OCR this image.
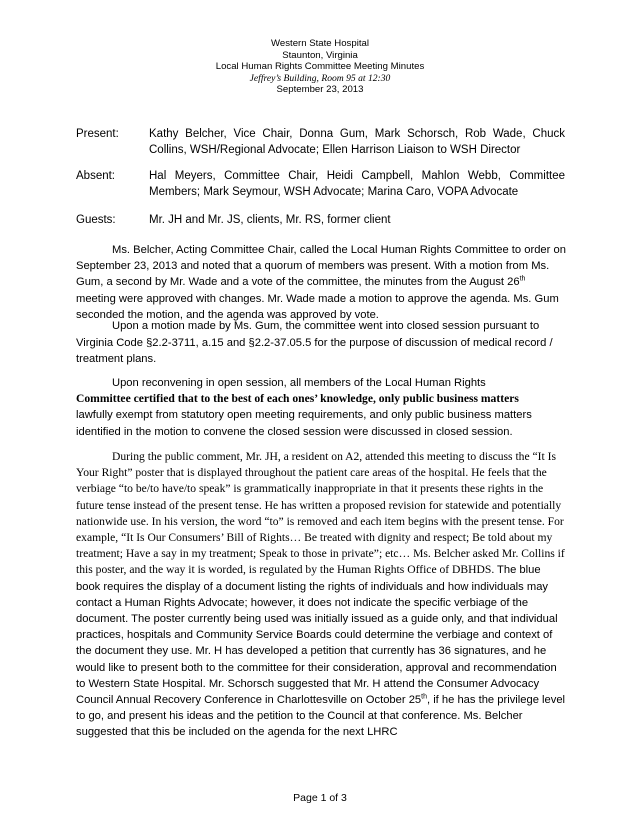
Western State Hospital
Staunton, Virginia
Local Human Rights Committee Meeting Minutes
Jeffrey’s Building, Room 95 at 12:30
September 23, 2013
Present:	Kathy Belcher, Vice Chair, Donna Gum, Mark Schorsch, Rob Wade, Chuck Collins, WSH/Regional Advocate; Ellen Harrison Liaison to WSH Director
Absent:	Hal Meyers, Committee Chair, Heidi Campbell, Mahlon Webb, Committee Members; Mark Seymour, WSH Advocate; Marina Caro, VOPA Advocate
Guests:	Mr. JH and Mr. JS, clients, Mr. RS, former client
Ms. Belcher, Acting Committee Chair, called the Local Human Rights Committee to order on September 23, 2013 and noted that a quorum of members was present. With a motion from Ms. Gum, a second by Mr. Wade and a vote of the committee, the minutes from the August 26th meeting were approved with changes. Mr. Wade made a motion to approve the agenda. Ms. Gum seconded the motion, and the agenda was approved by vote.
Upon a motion made by Ms. Gum, the committee went into closed session pursuant to Virginia Code §2.2-3711, a.15 and §2.2-37.05.5 for the purpose of discussion of medical record / treatment plans.
Upon reconvening in open session, all members of the Local Human Rights
Committee certified that to the best of each ones’ knowledge, only public business matters
lawfully exempt from statutory open meeting requirements, and only public business matters identified in the motion to convene the closed session were discussed in closed session.
During the public comment, Mr. JH, a resident on A2, attended this meeting to discuss the “It Is Your Right” poster that is displayed throughout the patient care areas of the hospital. He feels that the verbiage “to be/to have/to speak” is grammatically inappropriate in that it presents these rights in the future tense instead of the present tense. He has written a proposed revision for statewide and potentially nationwide use. In his version, the word “to” is removed and each item begins with the present tense. For example, “It Is Our Consumers’ Bill of Rights… Be treated with dignity and respect; Be told about my treatment; Have a say in my treatment; Speak to those in private”; etc… Ms. Belcher asked Mr. Collins if this poster, and the way it is worded, is regulated by the Human Rights Office of DBHDS. The blue book requires the display of a document listing the rights of individuals and how individuals may contact a Human Rights Advocate; however, it does not indicate the specific verbiage of the document. The poster currently being used was initially issued as a guide only, and that individual practices, hospitals and Community Service Boards could determine the verbiage and context of the document they use. Mr. H has developed a petition that currently has 36 signatures, and he would like to present both to the committee for their consideration, approval and recommendation to Western State Hospital. Mr. Schorsch suggested that Mr. H attend the Consumer Advocacy Council Annual Recovery Conference in Charlottesville on October 25th, if he has the privilege level to go, and present his ideas and the petition to the Council at that conference. Ms. Belcher suggested that this be included on the agenda for the next LHRC
Page 1 of 3
